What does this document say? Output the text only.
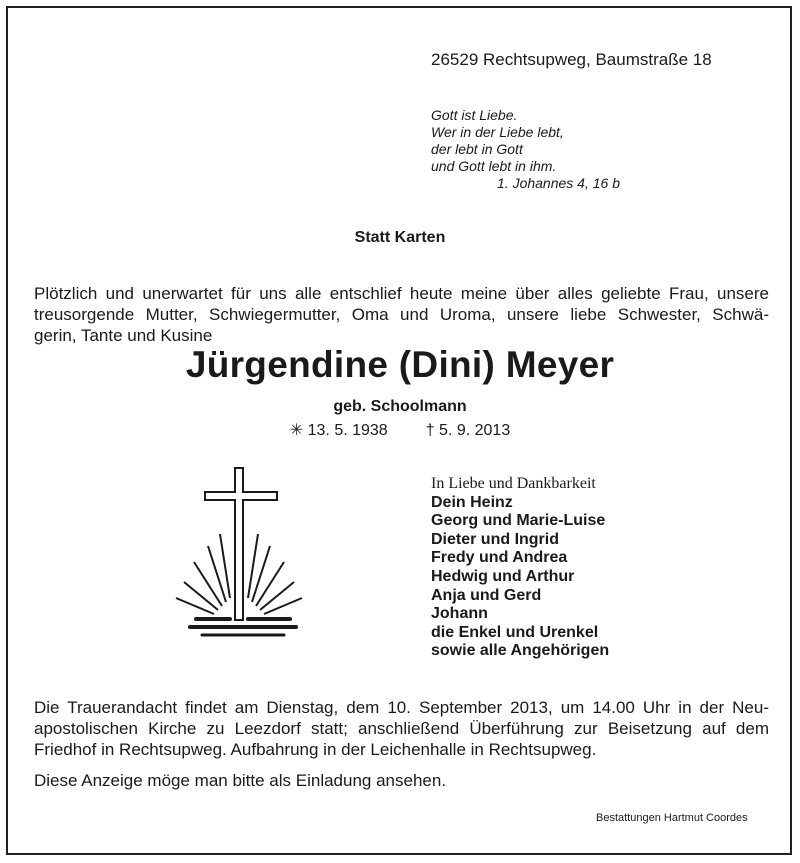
26529 Rechtsupweg, Baumstraße 18
Gott ist Liebe.
Wer in der Liebe lebt,
der lebt in Gott
und Gott lebt in ihm.
1. Johannes 4, 16 b
Statt Karten
Plötzlich und unerwartet für uns alle entschlief heute meine über alles geliebte Frau, unsere
treusorgende Mutter, Schwiegermutter, Oma und Uroma, unsere liebe Schwester, Schwä-
gerin, Tante und Kusine
Jürgendine (Dini) Meyer
geb. Schoolmann
✳ 13. 5. 1938 † 5. 9. 2013
In Liebe und Dankbarkeit
Dein Heinz
Georg und Marie-Luise
Dieter und Ingrid
Fredy und Andrea
Hedwig und Arthur
Anja und Gerd
Johann
die Enkel und Urenkel
sowie alle Angehörigen
Die Trauerandacht findet am Dienstag, dem 10. September 2013, um 14.00 Uhr in der Neu-
apostolischen Kirche zu Leezdorf statt; anschließend Überführung zur Beisetzung auf dem
Friedhof in Rechtsupweg. Aufbahrung in der Leichenhalle in Rechtsupweg.
Diese Anzeige möge man bitte als Einladung ansehen.
Bestattungen Hartmut Coordes
